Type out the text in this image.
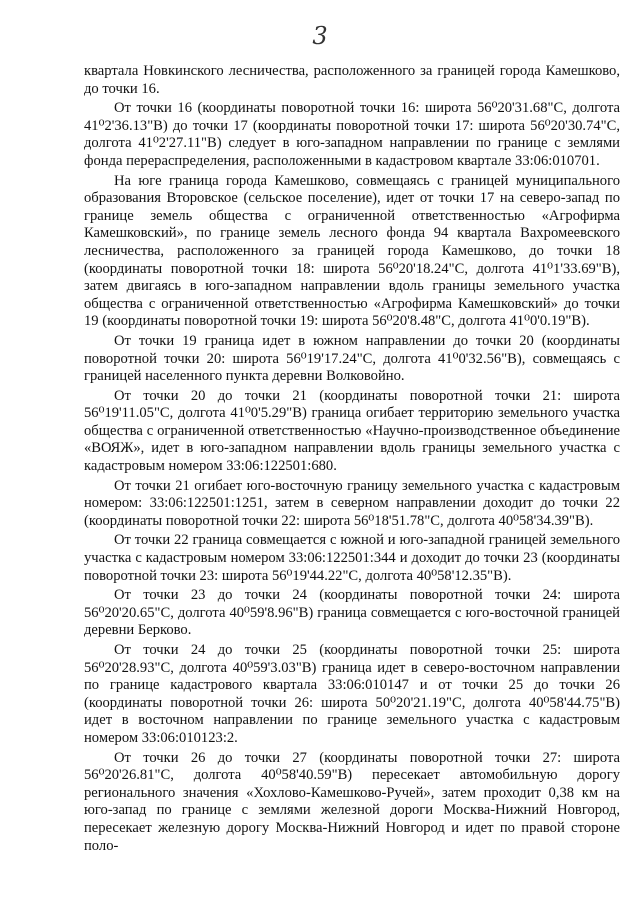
3

квартала Новкинского лесничества, расположенного за границей города Камешково, до точки 16.

От точки 16 (координаты поворотной точки 16: широта 56⁰20'31.68"С, долгота 41⁰2'36.13"В) до точки 17 (координаты поворотной точки 17: широта 56⁰20'30.74"С, долгота 41⁰2'27.11"В) следует в юго-западном направлении по границе с землями фонда перераспределения, расположенными в кадастровом квартале 33:06:010701.

На юге граница города Камешково, совмещаясь с границей муниципального образования Второвское (сельское поселение), идет от точки 17 на северо-запад по границе земель общества с ограниченной ответственностью «Агрофирма Камешковский», по границе земель лесного фонда 94 квартала Вахромеевского лесничества, расположенного за границей города Камешково, до точки 18 (координаты поворотной точки 18: широта 56⁰20'18.24"С, долгота 41⁰1'33.69"В), затем двигаясь в юго-западном направлении вдоль границы земельного участка общества с ограниченной ответственностью «Агрофирма Камешковский» до точки 19 (координаты поворотной точки 19: широта 56⁰20'8.48"С, долгота 41⁰0'0.19"В).

От точки 19 граница идет в южном направлении до точки 20 (координаты поворотной точки 20: широта 56⁰19'17.24"С, долгота 41⁰0'32.56"В), совмещаясь с границей населенного пункта деревни Волковойно.

От точки 20 до точки 21 (координаты поворотной точки 21: широта 56⁰19'11.05"С, долгота 41⁰0'5.29"В) граница огибает территорию земельного участка общества с ограниченной ответственностью «Научно-производственное объединение «ВОЯЖ», идет в юго-западном направлении вдоль границы земельного участка с кадастровым номером 33:06:122501:680.

От точки 21 огибает юго-восточную границу земельного участка с кадастровым номером: 33:06:122501:1251, затем в северном направлении доходит до точки 22 (координаты поворотной точки 22: широта 56⁰18'51.78"С, долгота 40⁰58'34.39"В).

От точки 22 граница совмещается с южной и юго-западной границей земельного участка с кадастровым номером 33:06:122501:344 и доходит до точки 23 (координаты поворотной точки 23: широта 56⁰19'44.22"С, долгота 40⁰58'12.35"В).

От точки 23 до точки 24 (координаты поворотной точки 24: широта 56⁰20'20.65"С, долгота 40⁰59'8.96"В) граница совмещается с юго-восточной границей деревни Берково.

От точки 24 до точки 25 (координаты поворотной точки 25: широта 56⁰20'28.93"С, долгота 40⁰59'3.03"В) граница идет в северо-восточном направлении по границе кадастрового квартала 33:06:010147 и от точки 25 до точки 26 (координаты поворотной точки 26: широта 50⁰20'21.19"С, долгота 40⁰58'44.75"В) идет в восточном направлении по границе земельного участка с кадастровым номером 33:06:010123:2.

От точки 26 до точки 27 (координаты поворотной точки 27: широта 56⁰20'26.81"С, долгота 40⁰58'40.59"В) пересекает автомобильную дорогу регионального значения «Хохлово-Камешково-Ручей», затем проходит 0,38 км на юго-запад по границе с землями железной дороги Москва-Нижний Новгород, пересекает железную дорогу Москва-Нижний Новгород и идет по правой стороне поло-
